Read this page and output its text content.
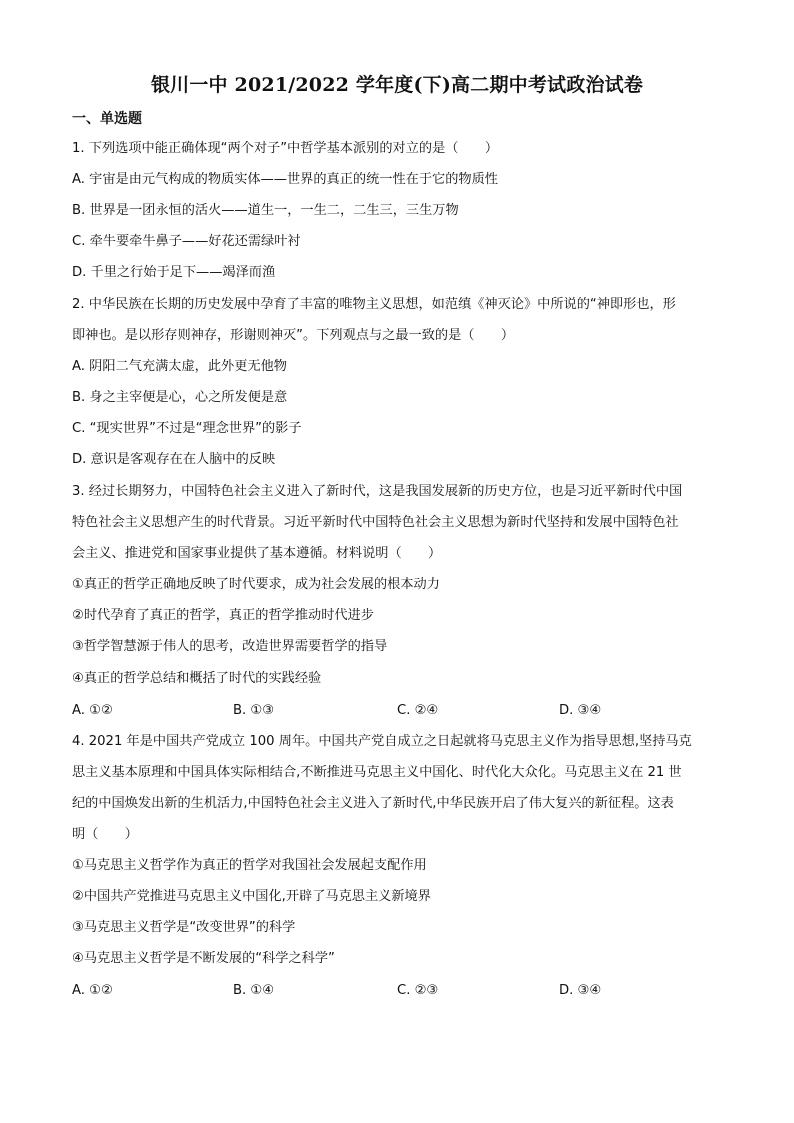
银川一中 2021/2022 学年度(下)高二期中考试政治试卷
一、单选题
1. 下列选项中能正确体现“两个对子”中哲学基本派别的对立的是（　　）
A. 宇宙是由元气构成的物质实体——世界的真正的统一性在于它的物质性
B. 世界是一团永恒的活火——道生一，一生二，二生三，三生万物
C. 牵牛要牵牛鼻子——好花还需绿叶衬
D. 千里之行始于足下——竭泽而渔
2. 中华民族在长期的历史发展中孕育了丰富的唯物主义思想，如范缜《神灭论》中所说的“神即形也，形
即神也。是以形存则神存，形谢则神灭”。下列观点与之最一致的是（　　）
A. 阴阳二气充满太虚，此外更无他物
B. 身之主宰便是心，心之所发便是意
C. “现实世界”不过是“理念世界”的影子
D. 意识是客观存在在人脑中的反映
3. 经过长期努力，中国特色社会主义进入了新时代，这是我国发展新的历史方位，也是习近平新时代中国
特色社会主义思想产生的时代背景。习近平新时代中国特色社会主义思想为新时代坚持和发展中国特色社
会主义、推进党和国家事业提供了基本遵循。材料说明（　　）
①真正的哲学正确地反映了时代要求，成为社会发展的根本动力
②时代孕育了真正的哲学，真正的哲学推动时代进步
③哲学智慧源于伟人的思考，改造世界需要哲学的指导
④真正的哲学总结和概括了时代的实践经验
A. ①②	B. ①③	C. ②④	D. ③④
4. 2021 年是中国共产党成立 100 周年。中国共产党自成立之日起就将马克思主义作为指导思想,坚持马克
思主义基本原理和中国具体实际相结合,不断推进马克思主义中国化、时代化大众化。马克思主义在 21 世
纪的中国焕发出新的生机活力,中国特色社会主义进入了新时代,中华民族开启了伟大复兴的新征程。这表
明（　　）
①马克思主义哲学作为真正的哲学对我国社会发展起支配作用
②中国共产党推进马克思主义中国化,开辟了马克思主义新境界
③马克思主义哲学是“改变世界”的科学
④马克思主义哲学是不断发展的“科学之科学”
A. ①②	B. ①④	C. ②③	D. ③④
